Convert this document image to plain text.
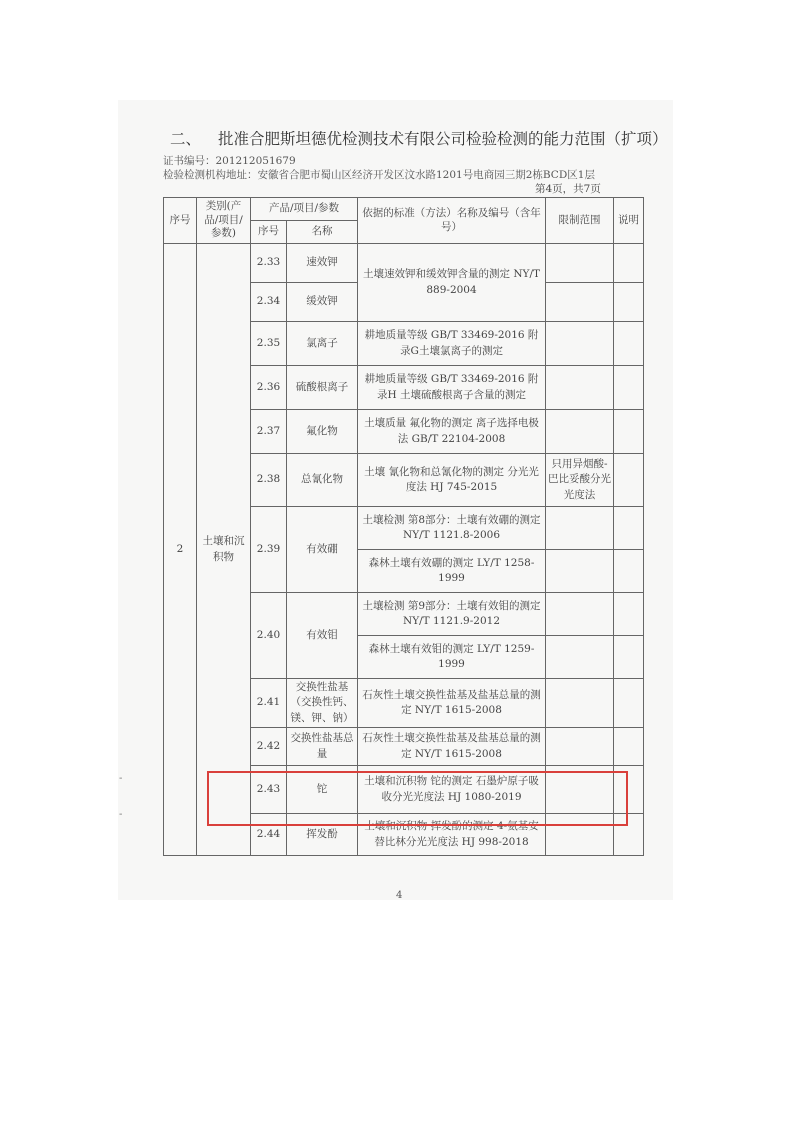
二、 批准合肥斯坦德优检测技术有限公司检验检测的能力范围（扩项）
证书编号：201212051679
检验检测机构地址：安徽省合肥市蜀山区经济开发区汶水路1201号电商园三期2栋BCD区1层
第4页，共7页
序号	类别(产品/项目/参数)	产品/项目/参数		依据的标准（方法）名称及编号（含年号）	限制范围	说明
		序号	名称			
2	土壤和沉积物	2.33	速效钾	土壤速效钾和缓效钾含量的测定 NY/T 889-2004		
		2.34	缓效钾			
		2.35	氯离子	耕地质量等级 GB/T 33469-2016 附录G土壤氯离子的测定		
		2.36	硫酸根离子	耕地质量等级 GB/T 33469-2016 附录H 土壤硫酸根离子含量的测定		
		2.37	氟化物	土壤质量 氟化物的测定 离子选择电极法 GB/T 22104-2008		
		2.38	总氰化物	土壤 氰化物和总氰化物的测定 分光光度法 HJ 745-2015	只用异烟酸-巴比妥酸分光光度法	
		2.39	有效硼	土壤检测 第8部分：土壤有效硼的测定 NY/T 1121.8-2006		
				森林土壤有效硼的测定 LY/T 1258-1999		
		2.40	有效钼	土壤检测 第9部分：土壤有效钼的测定 NY/T 1121.9-2012		
				森林土壤有效钼的测定 LY/T 1259-1999		
		2.41	交换性盐基（交换性钙、镁、钾、钠）	石灰性土壤交换性盐基及盐基总量的测定 NY/T 1615-2008		
		2.42	交换性盐基总量	石灰性土壤交换性盐基及盐基总量的测定 NY/T 1615-2008		
		2.43	铊	土壤和沉积物 铊的测定 石墨炉原子吸收分光光度法 HJ 1080-2019		
		2.44	挥发酚	土壤和沉积物 挥发酚的测定 4-氨基安替比林分光光度法 HJ 998-2018		
4
-
-
